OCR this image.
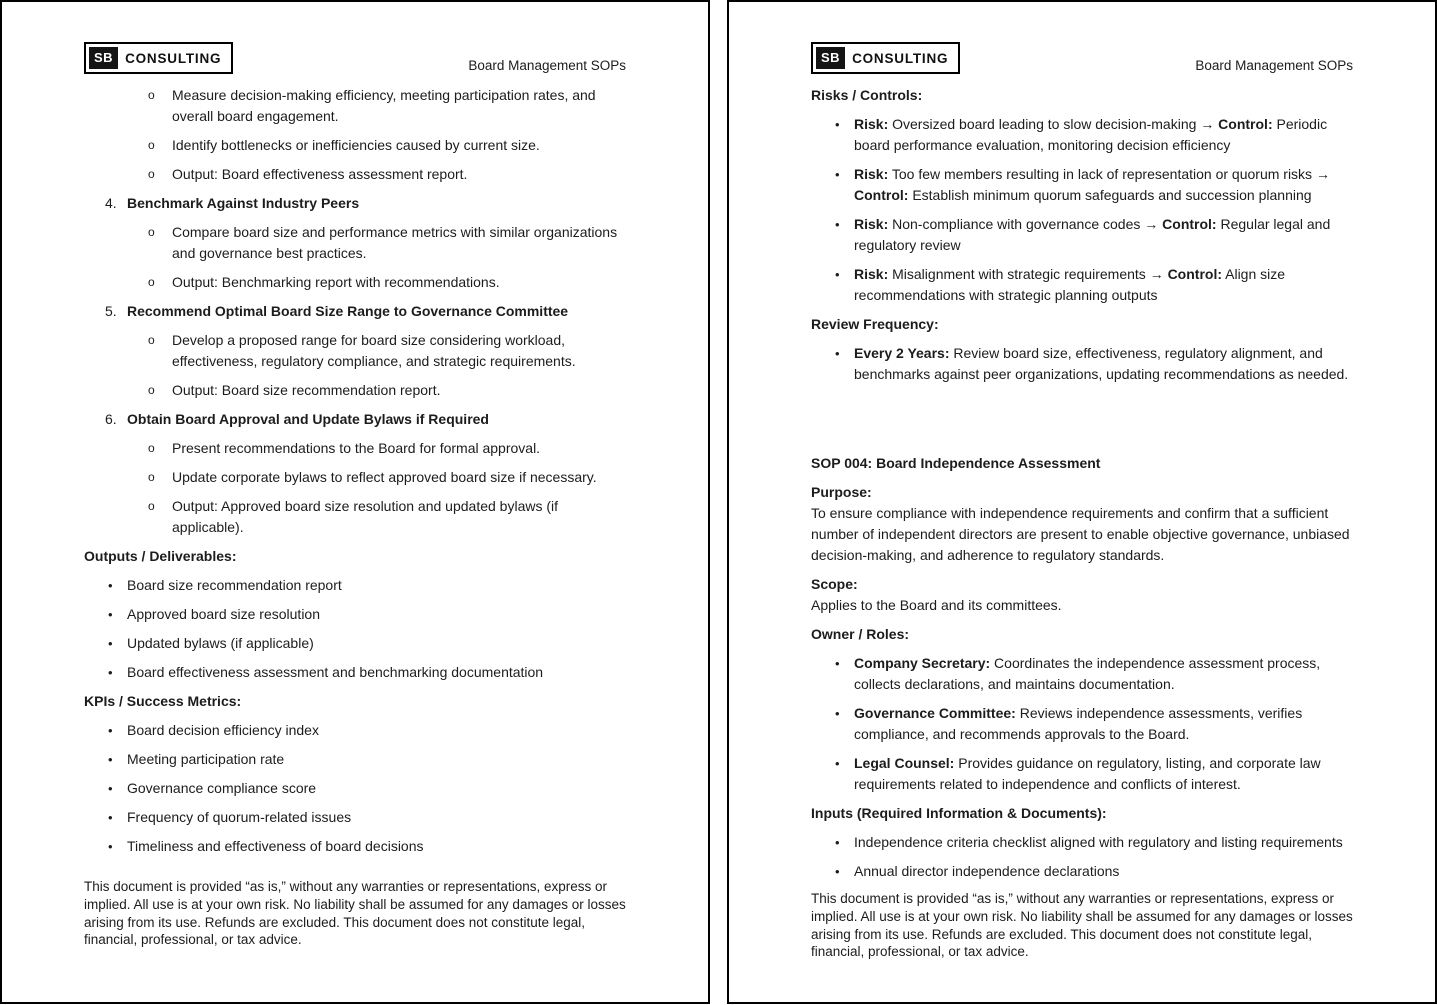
SB CONSULTING	Board Management SOPs
o	Measure decision-making efficiency, meeting participation rates, and overall board engagement.
o	Identify bottlenecks or inefficiencies caused by current size.
o	Output: Board effectiveness assessment report.
4. Benchmark Against Industry Peers
o	Compare board size and performance metrics with similar organizations and governance best practices.
o	Output: Benchmarking report with recommendations.
5. Recommend Optimal Board Size Range to Governance Committee
o	Develop a proposed range for board size considering workload, effectiveness, regulatory compliance, and strategic requirements.
o	Output: Board size recommendation report.
6. Obtain Board Approval and Update Bylaws if Required
o	Present recommendations to the Board for formal approval.
o	Update corporate bylaws to reflect approved board size if necessary.
o	Output: Approved board size resolution and updated bylaws (if applicable).
Outputs / Deliverables:
•	Board size recommendation report
•	Approved board size resolution
•	Updated bylaws (if applicable)
•	Board effectiveness assessment and benchmarking documentation
KPIs / Success Metrics:
•	Board decision efficiency index
•	Meeting participation rate
•	Governance compliance score
•	Frequency of quorum-related issues
•	Timeliness and effectiveness of board decisions
This document is provided “as is,” without any warranties or representations, express or implied. All use is at your own risk. No liability shall be assumed for any damages or losses arising from its use. Refunds are excluded. This document does not constitute legal, financial, professional, or tax advice.
SB CONSULTING	Board Management SOPs
Risks / Controls:
•	Risk: Oversized board leading to slow decision-making → Control: Periodic board performance evaluation, monitoring decision efficiency
•	Risk: Too few members resulting in lack of representation or quorum risks → Control: Establish minimum quorum safeguards and succession planning
•	Risk: Non-compliance with governance codes → Control: Regular legal and regulatory review
•	Risk: Misalignment with strategic requirements → Control: Align size recommendations with strategic planning outputs
Review Frequency:
•	Every 2 Years: Review board size, effectiveness, regulatory alignment, and benchmarks against peer organizations, updating recommendations as needed.
SOP 004: Board Independence Assessment
Purpose:
To ensure compliance with independence requirements and confirm that a sufficient number of independent directors are present to enable objective governance, unbiased decision-making, and adherence to regulatory standards.
Scope:
Applies to the Board and its committees.
Owner / Roles:
•	Company Secretary: Coordinates the independence assessment process, collects declarations, and maintains documentation.
•	Governance Committee: Reviews independence assessments, verifies compliance, and recommends approvals to the Board.
•	Legal Counsel: Provides guidance on regulatory, listing, and corporate law requirements related to independence and conflicts of interest.
Inputs (Required Information & Documents):
•	Independence criteria checklist aligned with regulatory and listing requirements
•	Annual director independence declarations
This document is provided “as is,” without any warranties or representations, express or implied. All use is at your own risk. No liability shall be assumed for any damages or losses arising from its use. Refunds are excluded. This document does not constitute legal, financial, professional, or tax advice.
